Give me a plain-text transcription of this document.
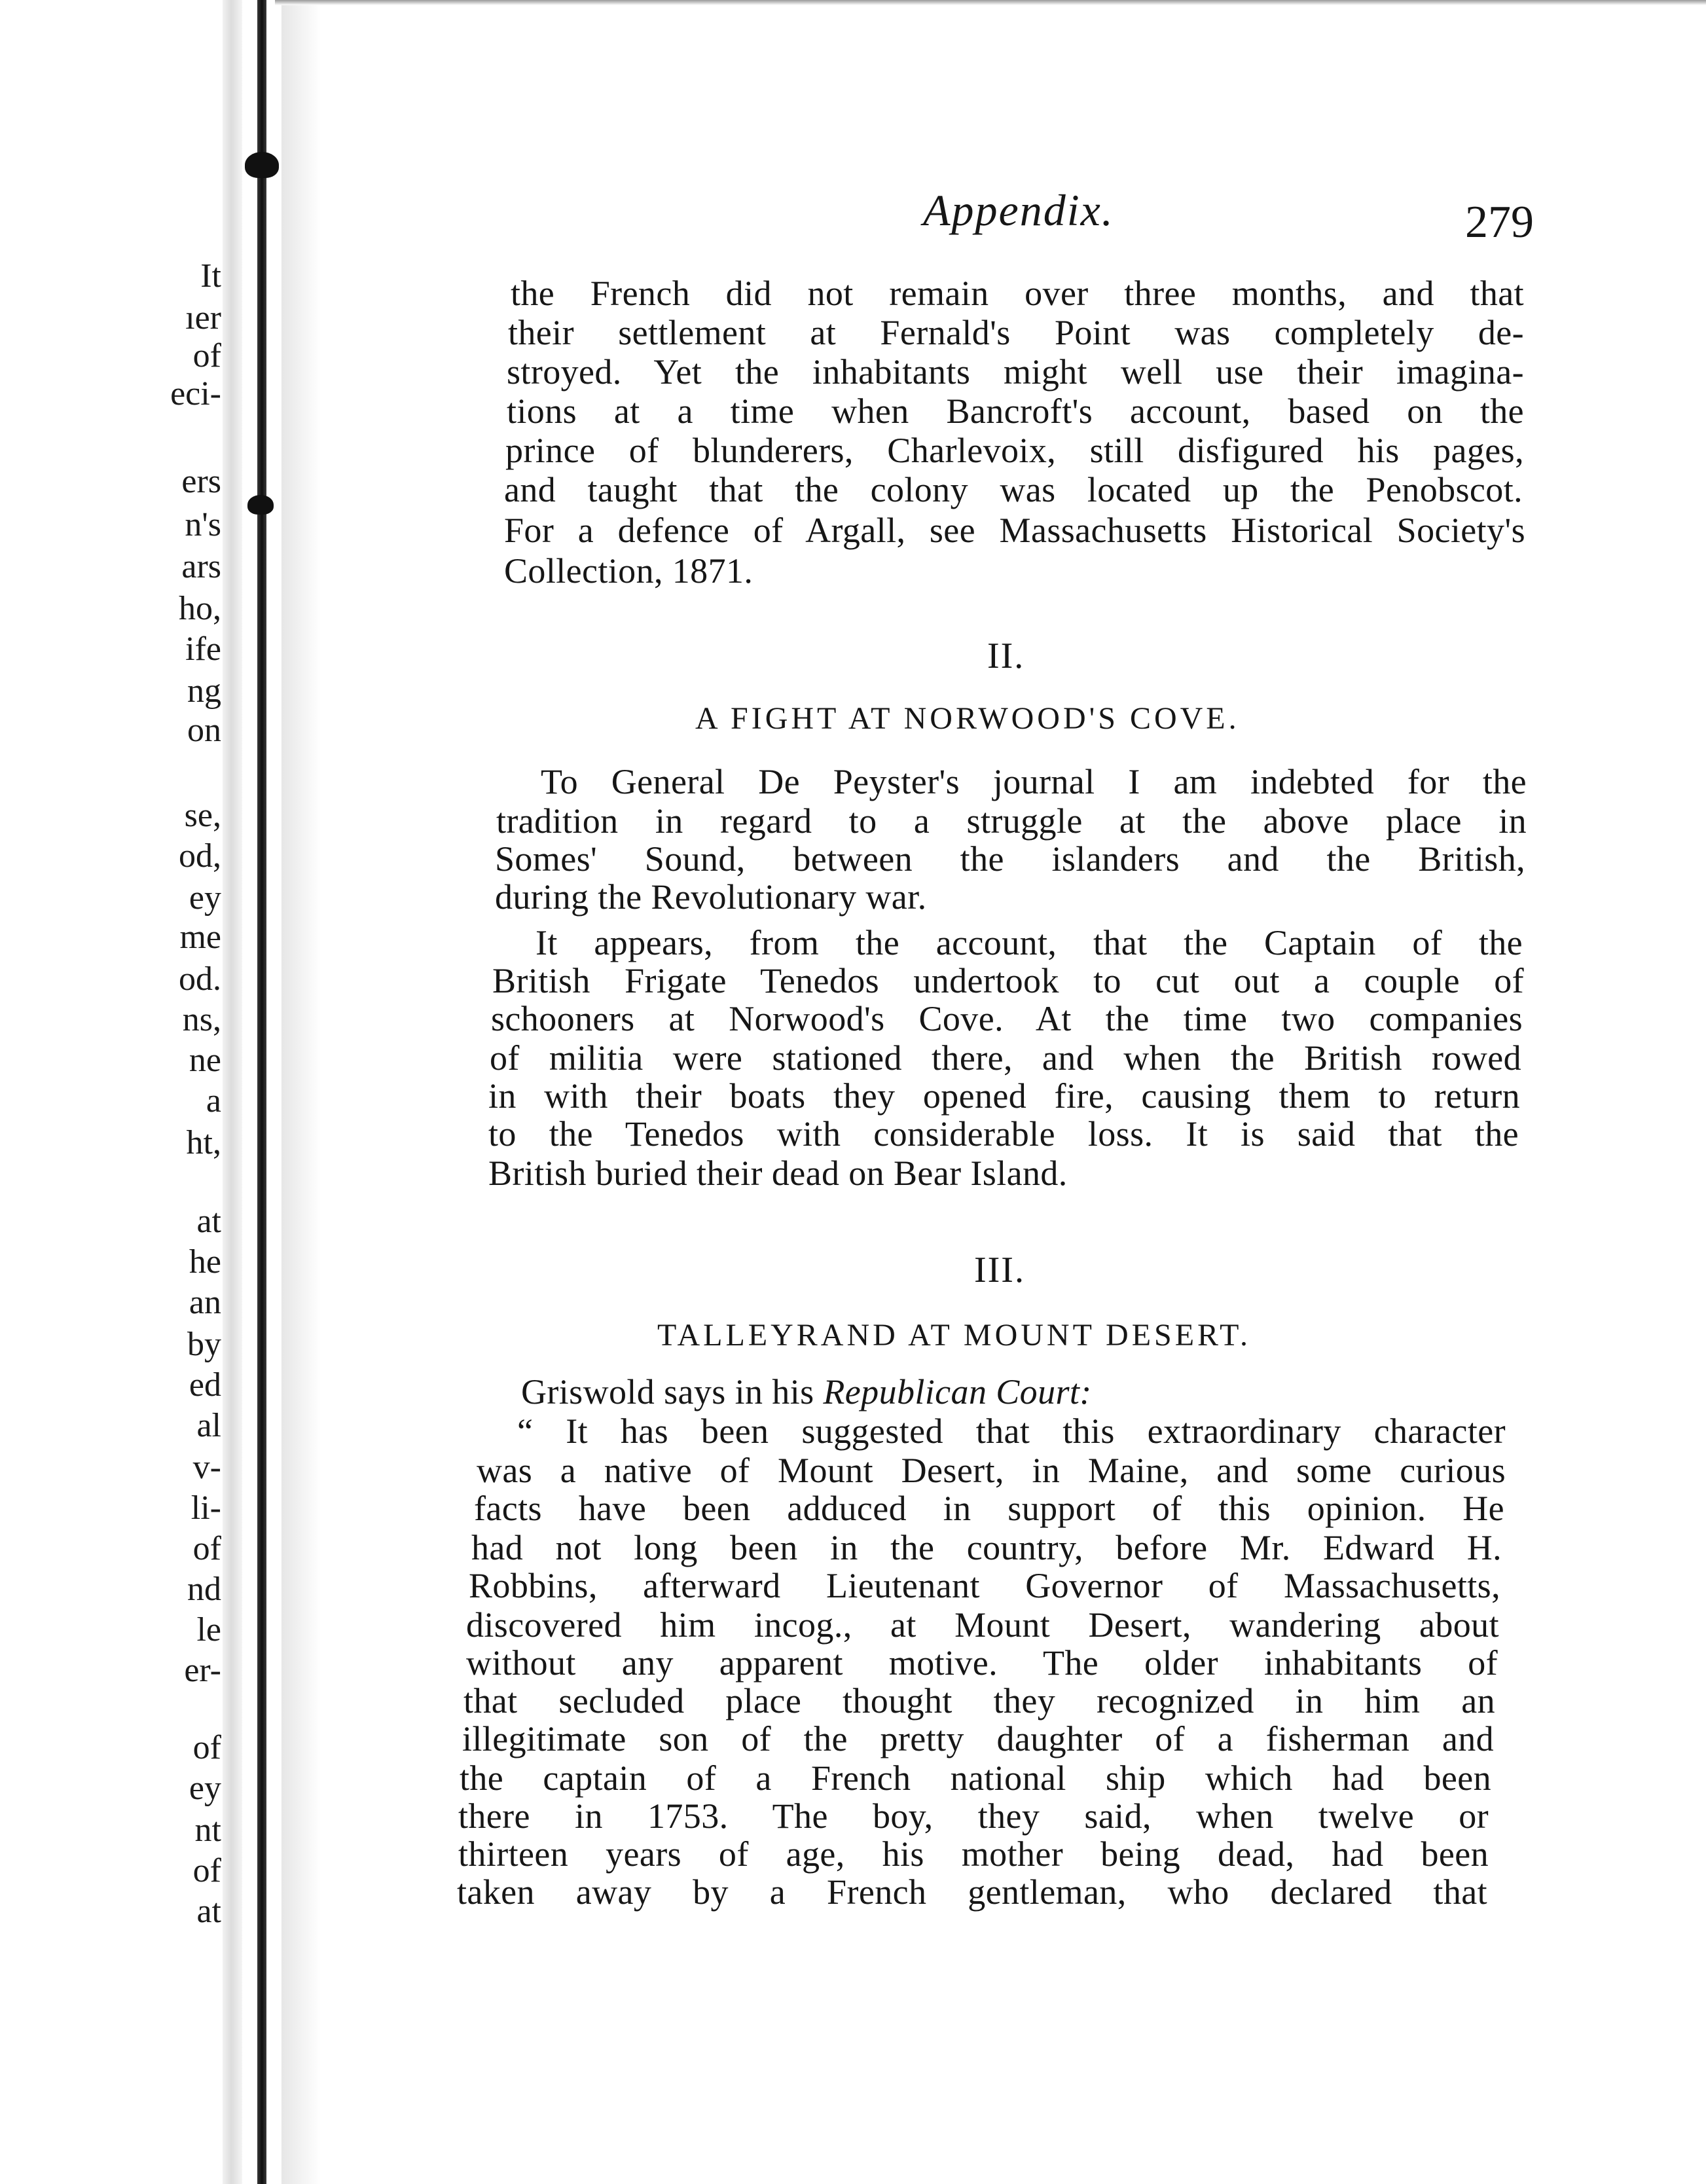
It
ıer
of
eci-
ers
n's
ars
ho,
ife
ng
on
se,
od,
ey
me
od.
ns,
ne
a
ht,
at
he
an
by
ed
al
v-
li-
of
nd
le
er-
of
ey
nt
of
at
Appendix.	279
the French did not remain over three months, and that
their settlement at Fernald's Point was completely de-
stroyed. Yet the inhabitants might well use their imagina-
tions at a time when Bancroft's account, based on the
prince of blunderers, Charlevoix, still disfigured his pages,
and taught that the colony was located up the Penobscot.
For a defence of Argall, see Massachusetts Historical Society's
Collection, 1871.
II.
A FIGHT AT NORWOOD'S COVE.
To General De Peyster's journal I am indebted for the
tradition in regard to a struggle at the above place in
Somes' Sound, between the islanders and the British,
during the Revolutionary war.
It appears, from the account, that the Captain of the
British Frigate Tenedos undertook to cut out a couple of
schooners at Norwood's Cove. At the time two companies
of militia were stationed there, and when the British rowed
in with their boats they opened fire, causing them to return
to the Tenedos with considerable loss. It is said that the
British buried their dead on Bear Island.
III.
TALLEYRAND AT MOUNT DESERT.
Griswold says in his Republican Court:
“ It has been suggested that this extraordinary character
was a native of Mount Desert, in Maine, and some curious
facts have been adduced in support of this opinion. He
had not long been in the country, before Mr. Edward H.
Robbins, afterward Lieutenant Governor of Massachusetts,
discovered him incog., at Mount Desert, wandering about
without any apparent motive. The older inhabitants of
that secluded place thought they recognized in him an
illegitimate son of the pretty daughter of a fisherman and
the captain of a French national ship which had been
there in 1753. The boy, they said, when twelve or
thirteen years of age, his mother being dead, had been
taken away by a French gentleman, who declared that
